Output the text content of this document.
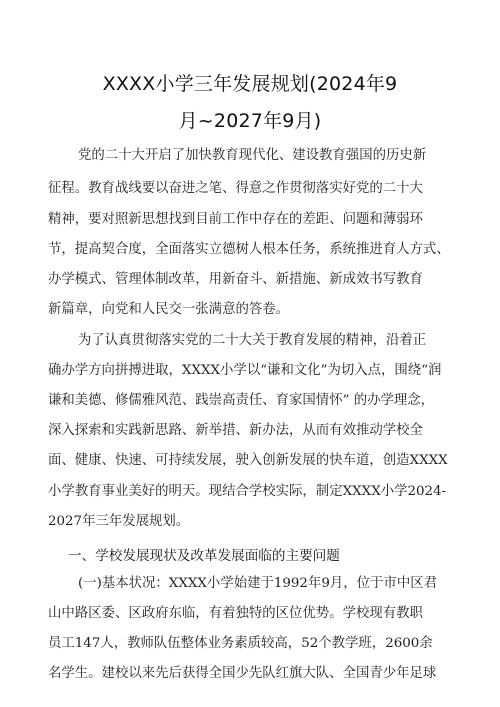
XXXX小学三年发展规划(2024年9
月~2027年9月)
党的二十大开启了加快教育现代化、建设教育强国的历史新
征程。教育战线要以奋进之笔、得意之作贯彻落实好党的二十大
精神，要对照新思想找到目前工作中存在的差距、问题和薄弱环
节，提高契合度，全面落实立德树人根本任务，系统推进育人方式、
办学模式、管理体制改革，用新奋斗、新措施、新成效书写教育
新篇章，向党和人民交一张满意的答卷。
为了认真贯彻落实党的二十大关于教育发展的精神，沿着正
确办学方向拼搏进取，XXXX小学以“谦和文化”为切入点，围绕“润
谦和美德、修儒雅风范、践崇高责任、育家国情怀” 的办学理念，
深入探索和实践新思路、新举措、新办法，从而有效推动学校全
面、健康、快速、可持续发展，驶入创新发展的快车道，创造XXXX
小学教育事业美好的明天。现结合学校实际，制定XXXX小学2024-
2027年三年发展规划。
一、学校发展现状及改革发展面临的主要问题
(一)基本状况：XXXX小学始建于1992年9月，位于市中区君
山中路区委、区政府东临，有着独特的区位优势。学校现有教职
员工147人，教师队伍整体业务素质较高，52个教学班，2600余
名学生。建校以来先后获得全国少先队红旗大队、全国青少年足球
